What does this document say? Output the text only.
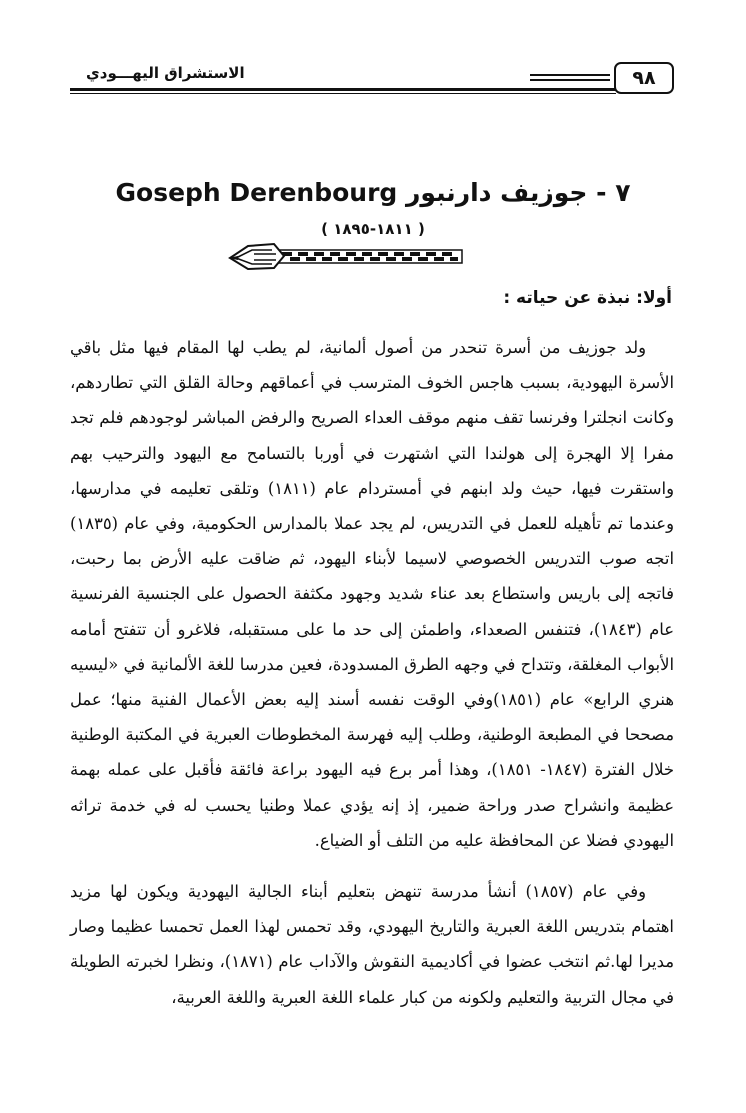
٩٨
الاستشراق اليهـــودي
Goseph Derenbourg ٧ - جوزيف دارنبور
( ١٨١١-١٨٩٥ )
أولا: نبذة عن حياته :

ولد جوزيف من أسرة تنحدر من أصول ألمانية، لم يطب لها المقام فيها مثل باقي الأسرة اليهودية، بسبب هاجس الخوف المترسب في أعماقهم وحالة القلق التي تطاردهم، وكانت انجلترا وفرنسا تقف منهم موقف العداء الصريح والرفض المباشر لوجودهم فلم تجد مفرا إلا الهجرة إلى هولندا التي اشتهرت في أوربا بالتسامح مع اليهود والترحيب بهم واستقرت فيها، حيث ولد ابنهم في أمستردام عام (١٨١١) وتلقى تعليمه في مدارسها، وعندما تم تأهيله للعمل في التدريس، لم يجد عملا بالمدارس الحكومية، وفي عام (١٨٣٥) اتجه صوب التدريس الخصوصي لاسيما لأبناء اليهود، ثم ضاقت عليه الأرض بما رحبت، فاتجه إلى باريس واستطاع بعد عناء شديد وجهود مكثفة الحصول على الجنسية الفرنسية عام (١٨٤٣)، فتنفس الصعداء، واطمئن إلى حد ما على مستقبله، فلاغرو أن تتفتح أمامه الأبواب المغلقة، وتتداح في وجهه الطرق المسدودة، فعين مدرسا للغة الألمانية في «ليسيه هنري الرابع» عام (١٨٥١)وفي الوقت نفسه أسند إليه بعض الأعمال الفنية منها؛ عمل مصححا في المطبعة الوطنية، وطلب إليه فهرسة المخطوطات العبرية في المكتبة الوطنية خلال الفترة (١٨٤٧- ١٨٥١)، وهذا أمر برع فيه اليهود براعة فائقة فأقبل على عمله بهمة عظيمة وانشراح صدر وراحة ضمير، إذ إنه يؤدي عملا وطنيا يحسب له في خدمة تراثه اليهودي فضلا عن المحافظة عليه من التلف أو الضياع.

وفي عام (١٨٥٧) أنشأ مدرسة تنهض بتعليم أبناء الجالية اليهودية ويكون لها مزيد اهتمام بتدريس اللغة العبرية والتاريخ اليهودي، وقد تحمس لهذا العمل تحمسا عظيما وصار مديرا لها.ثم انتخب عضوا في أكاديمية النقوش والآداب عام (١٨٧١)، ونظرا لخبرته الطويلة في مجال التربية والتعليم ولكونه من كبار علماء اللغة العبرية واللغة العربية،
